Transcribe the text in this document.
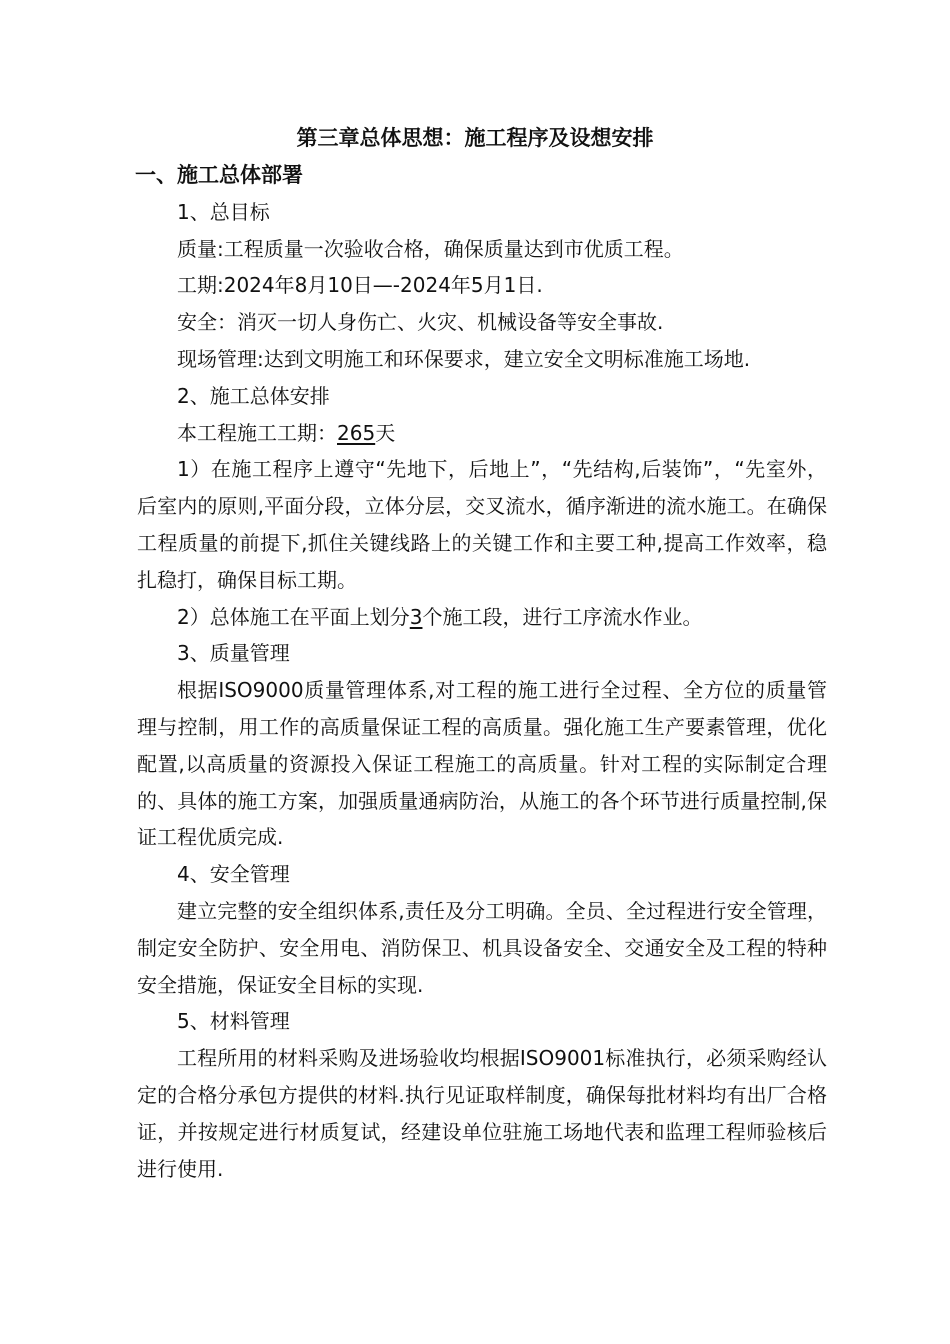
第三章总体思想：施工程序及设想安排
一、施工总体部署

1、总目标

质量:工程质量一次验收合格，确保质量达到市优质工程。

工期:2024年8月10日—-2024年5月1日.

安全：消灭一切人身伤亡、火灾、机械设备等安全事故.

现场管理:达到文明施工和环保要求，建立安全文明标准施工场地.

2、施工总体安排

本工程施工工期：265天

1）在施工程序上遵守“先地下，后地上”，“先结构,后装饰”，“先室外，后室内的原则,平面分段，立体分层，交叉流水，循序渐进的流水施工。在确保工程质量的前提下,抓住关键线路上的关键工作和主要工种,提高工作效率，稳扎稳打，确保目标工期。

2）总体施工在平面上划分3个施工段，进行工序流水作业。

3、质量管理

根据ISO9000质量管理体系,对工程的施工进行全过程、全方位的质量管理与控制，用工作的高质量保证工程的高质量。强化施工生产要素管理，优化配置,以高质量的资源投入保证工程施工的高质量。针对工程的实际制定合理的、具体的施工方案，加强质量通病防治，从施工的各个环节进行质量控制,保证工程优质完成.

4、安全管理

建立完整的安全组织体系,责任及分工明确。全员、全过程进行安全管理，制定安全防护、安全用电、消防保卫、机具设备安全、交通安全及工程的特种安全措施，保证安全目标的实现.

5、材料管理

工程所用的材料采购及进场验收均根据ISO9001标准执行，必须采购经认定的合格分承包方提供的材料.执行见证取样制度，确保每批材料均有出厂合格证，并按规定进行材质复试，经建设单位驻施工场地代表和监理工程师验核后进行使用.
